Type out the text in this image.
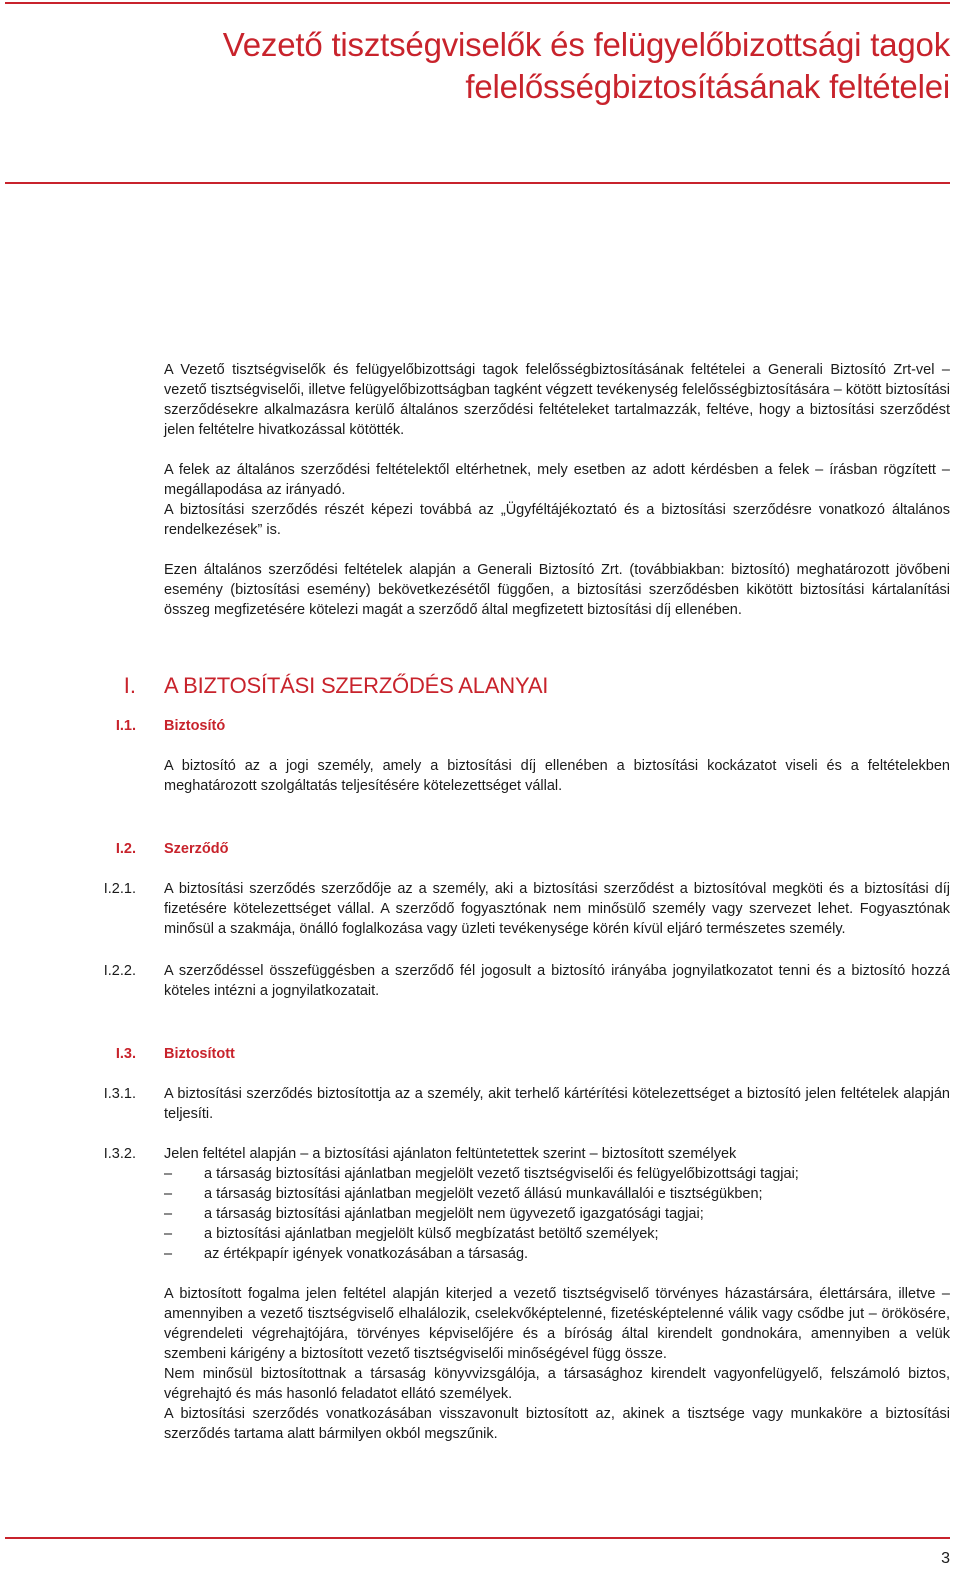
Vezető tisztségviselők és felügyelőbizottsági tagok
felelősségbiztosításának feltételei

A Vezető tisztségviselők és felügyelőbizottsági tagok felelősségbiztosításának feltételei a Generali Biztosító Zrt-vel – vezető tisztségviselői, illetve felügyelőbizottságban tagként végzett tevékenység felelősségbiztosítására – kötött biztosítási szerződésekre alkalmazásra kerülő általános szerződési feltételeket tartalmazzák, feltéve, hogy a biztosítási szerződést jelen feltételre hivatkozással kötötték.

A felek az általános szerződési feltételektől eltérhetnek, mely esetben az adott kérdésben a felek – írásban rögzített – megállapodása az irányadó.

A biztosítási szerződés részét képezi továbbá az „Ügyféltájékoztató és a biztosítási szerződésre vonatkozó általános rendelkezések” is.

Ezen általános szerződési feltételek alapján a Generali Biztosító Zrt. (továbbiakban: biztosító) meghatározott jövőbeni esemény (biztosítási esemény) bekövetkezésétől függően, a biztosítási szerződésben kikötött biztosítási kártalanítási összeg megfizetésére kötelezi magát a szerződő által megfizetett biztosítási díj ellenében.

I. A BIZTOSÍTÁSI SZERZŐDÉS ALANYAI
I.1. Biztosító

A biztosító az a jogi személy, amely a biztosítási díj ellenében a biztosítási kockázatot viseli és a feltételekben meghatározott szolgáltatás teljesítésére kötelezettséget vállal.

I.2. Szerződő
I.2.1. A biztosítási szerződés szerződője az a személy, aki a biztosítási szerződést a biztosítóval megköti és a biztosítási díj fizetésére kötelezettséget vállal. A szerződő fogyasztónak nem minősülő személy vagy szervezet lehet. Fogyasztónak minősül a szakmája, önálló foglalkozása vagy üzleti tevékenysége körén kívül eljáró természetes személy.

I.2.2. A szerződéssel összefüggésben a szerződő fél jogosult a biztosító irányába jognyilatkozatot tenni és a biztosító hozzá köteles intézni a jognyilatkozatait.

I.3. Biztosított
I.3.1. A biztosítási szerződés biztosítottja az a személy, akit terhelő kártérítési kötelezettséget a biztosító jelen feltételek alapján teljesíti.

I.3.2. Jelen feltétel alapján – a biztosítási ajánlaton feltüntetettek szerint – biztosított személyek

– a társaság biztosítási ajánlatban megjelölt vezető tisztségviselői és felügyelőbizottsági tagjai;
– a társaság biztosítási ajánlatban megjelölt vezető állású munkavállalói e tisztségükben;
– a társaság biztosítási ajánlatban megjelölt nem ügyvezető igazgatósági tagjai;
– a biztosítási ajánlatban megjelölt külső megbízatást betöltő személyek;
– az értékpapír igények vonatkozásában a társaság.

A biztosított fogalma jelen feltétel alapján kiterjed a vezető tisztségviselő törvényes házastársára, élettársára, illetve – amennyiben a vezető tisztségviselő elhalálozik, cselekvőképtelenné, fizetésképtelenné válik vagy csődbe jut – örökösére, végrendeleti végrehajtójára, törvényes képviselőjére és a bíróság által kirendelt gondnokára, amennyiben a velük szembeni kárigény a biztosított vezető tisztségviselői minőségével függ össze.

Nem minősül biztosítottnak a társaság könyvvizsgálója, a társasághoz kirendelt vagyonfelügyelő, felszámoló biztos, végrehajtó és más hasonló feladatot ellátó személyek.

A biztosítási szerződés vonatkozásában visszavonult biztosított az, akinek a tisztsége vagy munkaköre a biztosítási szerződés tartama alatt bármilyen okból megszűnik.

3
